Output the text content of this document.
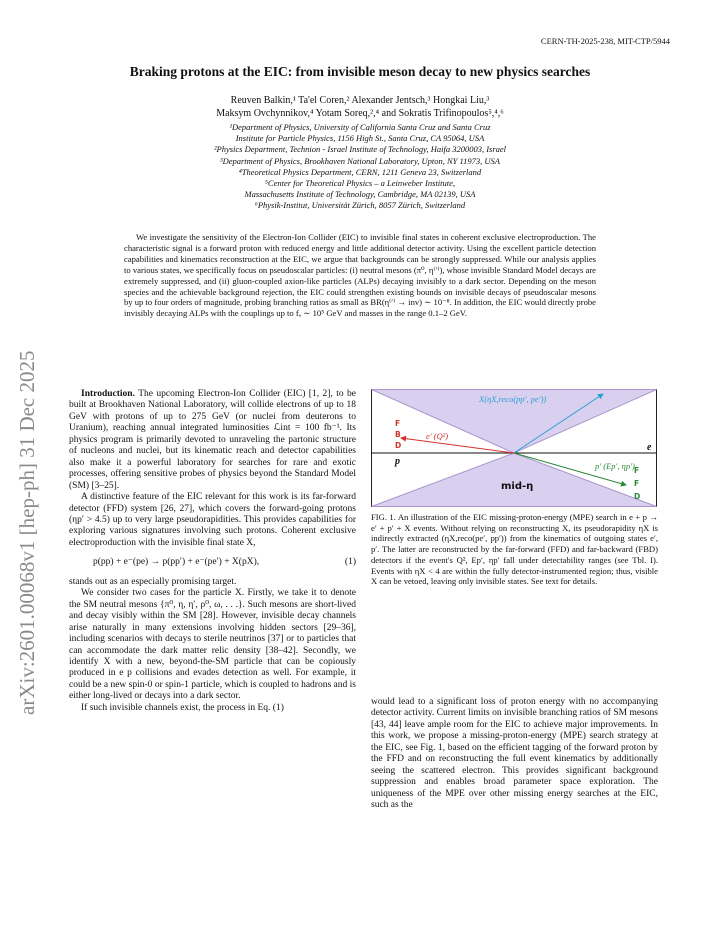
arXiv:2601.00068v1 [hep-ph] 31 Dec 2025
CERN-TH-2025-238, MIT-CTP/5944
Braking protons at the EIC: from invisible meson decay to new physics searches
Reuven Balkin,¹ Ta'el Coren,² Alexander Jentsch,³ Hongkai Liu,³
Maksym Ovchynnikov,⁴ Yotam Soreq,²,⁴ and Sokratis Trifinopoulos⁵,⁴,⁶
¹Department of Physics, University of California Santa Cruz and Santa Cruz
Institute for Particle Physics, 1156 High St., Santa Cruz, CA 95064, USA
²Physics Department, Technion - Israel Institute of Technology, Haifa 3200003, Israel
³Department of Physics, Brookhaven National Laboratory, Upton, NY 11973, USA
⁴Theoretical Physics Department, CERN, 1211 Geneva 23, Switzerland
⁵Center for Theoretical Physics – a Leinweber Institute,
Massachusetts Institute of Technology, Cambridge, MA 02139, USA
⁶Physik-Institut, Universität Zürich, 8057 Zürich, Switzerland
We investigate the sensitivity of the Electron-Ion Collider (EIC) to invisible final states in coherent exclusive electroproduction. The characteristic signal is a forward proton with reduced energy and little additional detector activity. Using the excellent particle detection capabilities and kinematics reconstruction at the EIC, we argue that backgrounds can be strongly suppressed. While our analysis applies to various states, we specifically focus on pseudoscalar particles: (i) neutral mesons (π⁰, η⁽′⁾), whose invisible Standard Model decays are extremely suppressed, and (ii) gluon-coupled axion-like particles (ALPs) decaying invisibly to a dark sector. Depending on the meson species and the achievable background rejection, the EIC could strengthen existing bounds on invisible decays of pseudoscalar mesons by up to four orders of magnitude, probing branching ratios as small as BR(η⁽′⁾ → inv) ∼ 10⁻⁸. In addition, the EIC would directly probe invisibly decaying ALPs with the couplings up to fₐ ∼ 10⁵ GeV and masses in the range 0.1–2 GeV.

Introduction. The upcoming Electron-Ion Collider (EIC) [1, 2], to be built at Brookhaven National Laboratory, will collide electrons of up to 18 GeV with protons of up to 275 GeV (or nuclei from deuterons to Uranium), reaching annual integrated luminosities ℒint = 100 fb⁻¹. Its physics program is primarily devoted to unraveling the partonic structure of nucleons and nuclei, but its kinematic reach and detector capabilities also make it a powerful laboratory for searches for rare and exotic processes, offering sensitive probes of physics beyond the Standard Model (SM) [3–25].

A distinctive feature of the EIC relevant for this work is its far-forward detector (FFD) system [26, 27], which covers the forward-going protons (ηp′ > 4.5) up to very large pseudorapidities. This provides capabilities for exploring various signatures involving such protons. Coherent exclusive electroproduction with the invisible final state X,

p(pp) + e⁻(pe) → p(pp′) + e⁻(pe′) + X(pX),	(1)

stands out as an especially promising target.

We consider two cases for the particle X. Firstly, we take it to denote the SM neutral mesons {π⁰, η, η′, ρ⁰, ω, . . .}. Such mesons are short-lived and decay visibly within the SM [28]. However, invisible decay channels arise naturally in many extensions involving hidden sectors [29–36], including scenarios with decays to sterile neutrinos [37] or to particles that can accommodate the dark matter relic density [38–42]. Secondly, we identify X with a new, beyond-the-SM particle that can be copiously produced in e p collisions and evades detection as well. For example, it could be a new spin-0 or spin-1 particle, which is coupled to hadrons and is either long-lived or decays into a dark sector.

If such invisible channels exist, the process in Eq. (1)

X(ηX,reco(pp′, pe′))
e′ (Q²)
p′ (Ep′, ηp′)
p
e
F
B
D
F
F
D
mid-η
FIG. 1. An illustration of the EIC missing-proton-energy (MPE) search in e + p → e′ + p′ + X events. Without relying on reconstructing X, its pseudorapidity ηX is indirectly extracted (ηX,reco(pe′, pp′)) from the kinematics of outgoing states e′, p′. The latter are reconstructed by the far-forward (FFD) and far-backward (FBD) detectors if the event's Q², Ep′, ηp′ fall under detectability ranges (see Tbl. I). Events with ηX < 4 are within the fully detector-instrumented region; thus, visible X can be vetoed, leaving only invisible states. See text for details.

would lead to a significant loss of proton energy with no accompanying detector activity. Current limits on invisible branching ratios of SM mesons [43, 44] leave ample room for the EIC to achieve major improvements. In this work, we propose a missing-proton-energy (MPE) search strategy at the EIC, see Fig. 1, based on the efficient tagging of the forward proton by the FFD and on reconstructing the full event kinematics by additionally seeing the scattered electron. This provides significant background suppression and enables broad parameter space exploration. The uniqueness of the MPE over other missing energy searches at the EIC, such as the
